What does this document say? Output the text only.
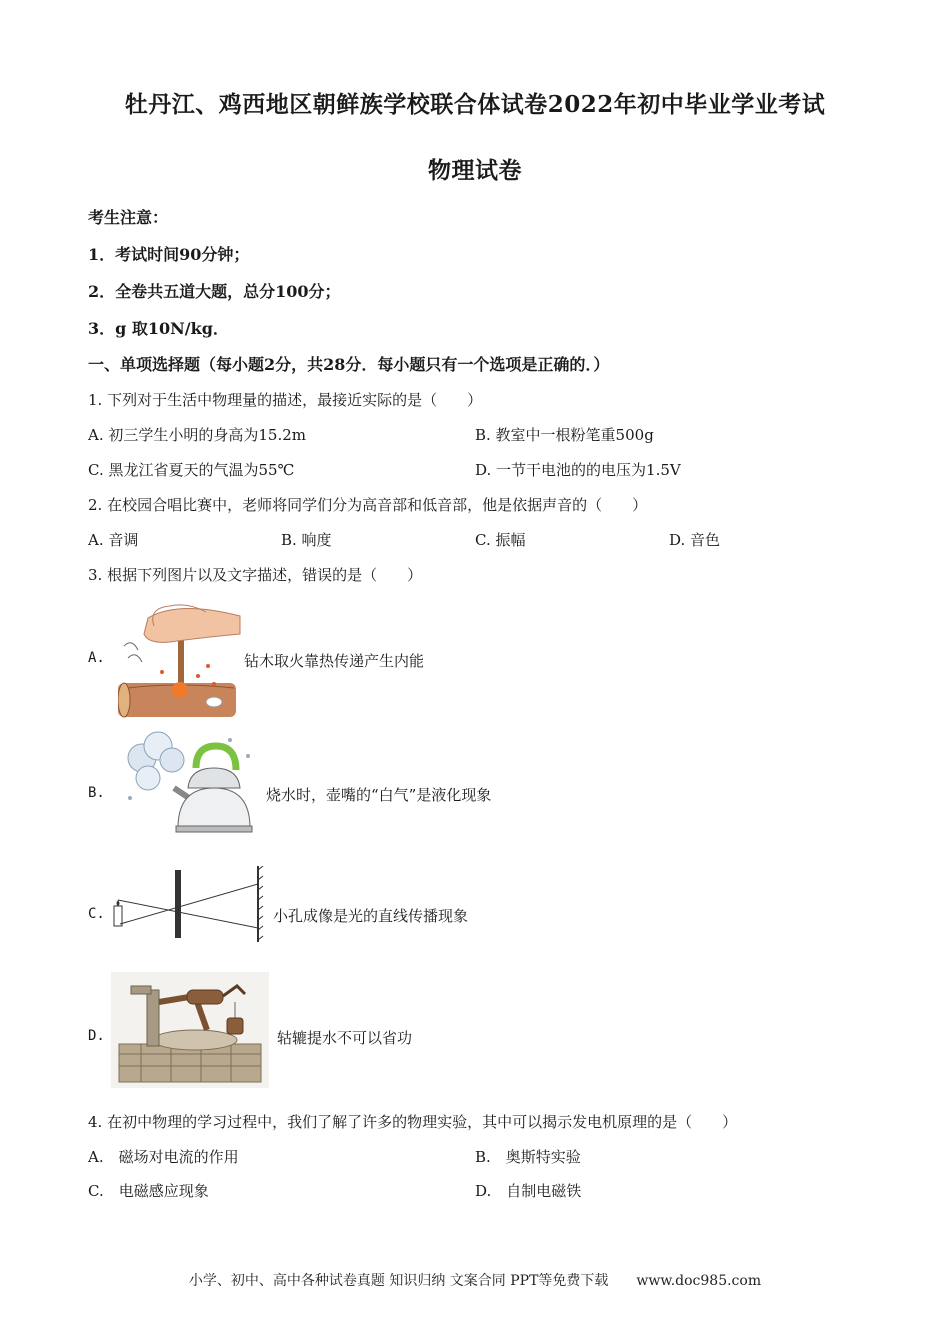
牡丹江、鸡西地区朝鲜族学校联合体试卷2022年初中毕业学业考试
物理试卷
考生注意：
1．考试时间90分钟；
2．全卷共五道大题，总分100分；
3．g 取10N/kg．
一、单项选择题（每小题2分，共28分．每小题只有一个选项是正确的．）
1. 下列对于生活中物理量的描述，最接近实际的是（　　）
A. 初三学生小明的身高为15.2m	B. 教室中一根粉笔重500g
C. 黑龙江省夏天的气温为55℃	D. 一节干电池的的电压为1.5V
2. 在校园合唱比赛中，老师将同学们分为高音部和低音部，他是依据声音的（　　）
A. 音调	B. 响度	C. 振幅	D. 音色
3. 根据下列图片以及文字描述，错误的是（　　）
A.	钻木取火靠热传递产生内能
B.	烧水时，壶嘴的“白气”是液化现象
C.	小孔成像是光的直线传播现象
D.	轱辘提水不可以省功
4. 在初中物理的学习过程中，我们了解了许多的物理实验，其中可以揭示发电机原理的是（　　）
A.　磁场对电流的作用	B.　奥斯特实验
C.　电磁感应现象	D.　自制电磁铁
小学、初中、高中各种试卷真题 知识归纳 文案合同 PPT等免费下载　　www.doc985.com
